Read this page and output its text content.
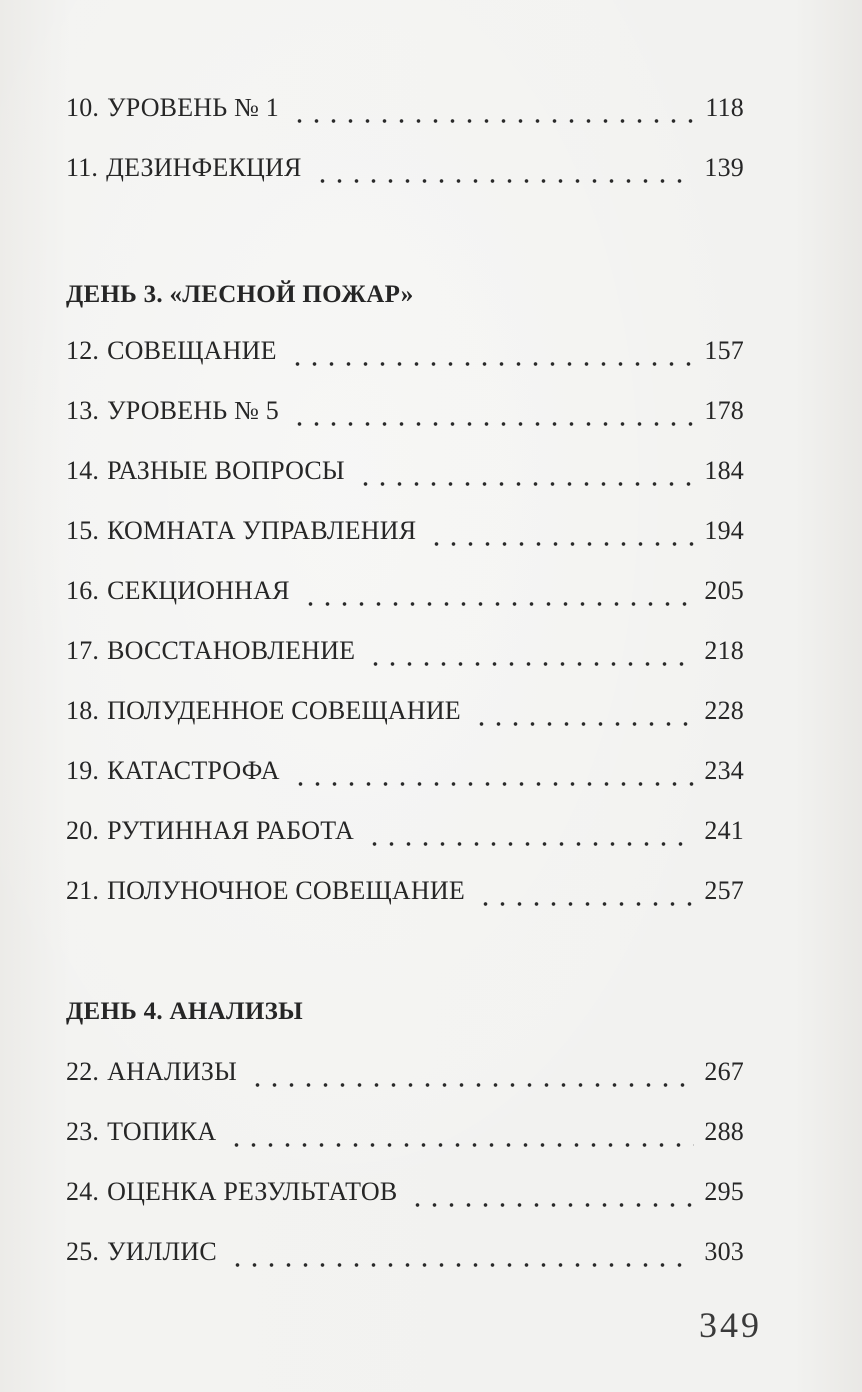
10. УРОВЕНЬ № 1	118
11. ДЕЗИНФЕКЦИЯ	139
ДЕНЬ 3. «ЛЕСНОЙ ПОЖАР»
12. СОВЕЩАНИЕ	157
13. УРОВЕНЬ № 5	178
14. РАЗНЫЕ ВОПРОСЫ	184
15. КОМНАТА УПРАВЛЕНИЯ	194
16. СЕКЦИОННАЯ	205
17. ВОССТАНОВЛЕНИЕ	218
18. ПОЛУДЕННОЕ СОВЕЩАНИЕ	228
19. КАТАСТРОФА	234
20. РУТИННАЯ РАБОТА	241
21. ПОЛУНОЧНОЕ СОВЕЩАНИЕ	257
ДЕНЬ 4. АНАЛИЗЫ
22. АНАЛИЗЫ	267
23. ТОПИКА	288
24. ОЦЕНКА РЕЗУЛЬТАТОВ	295
25. УИЛЛИС	303
349
